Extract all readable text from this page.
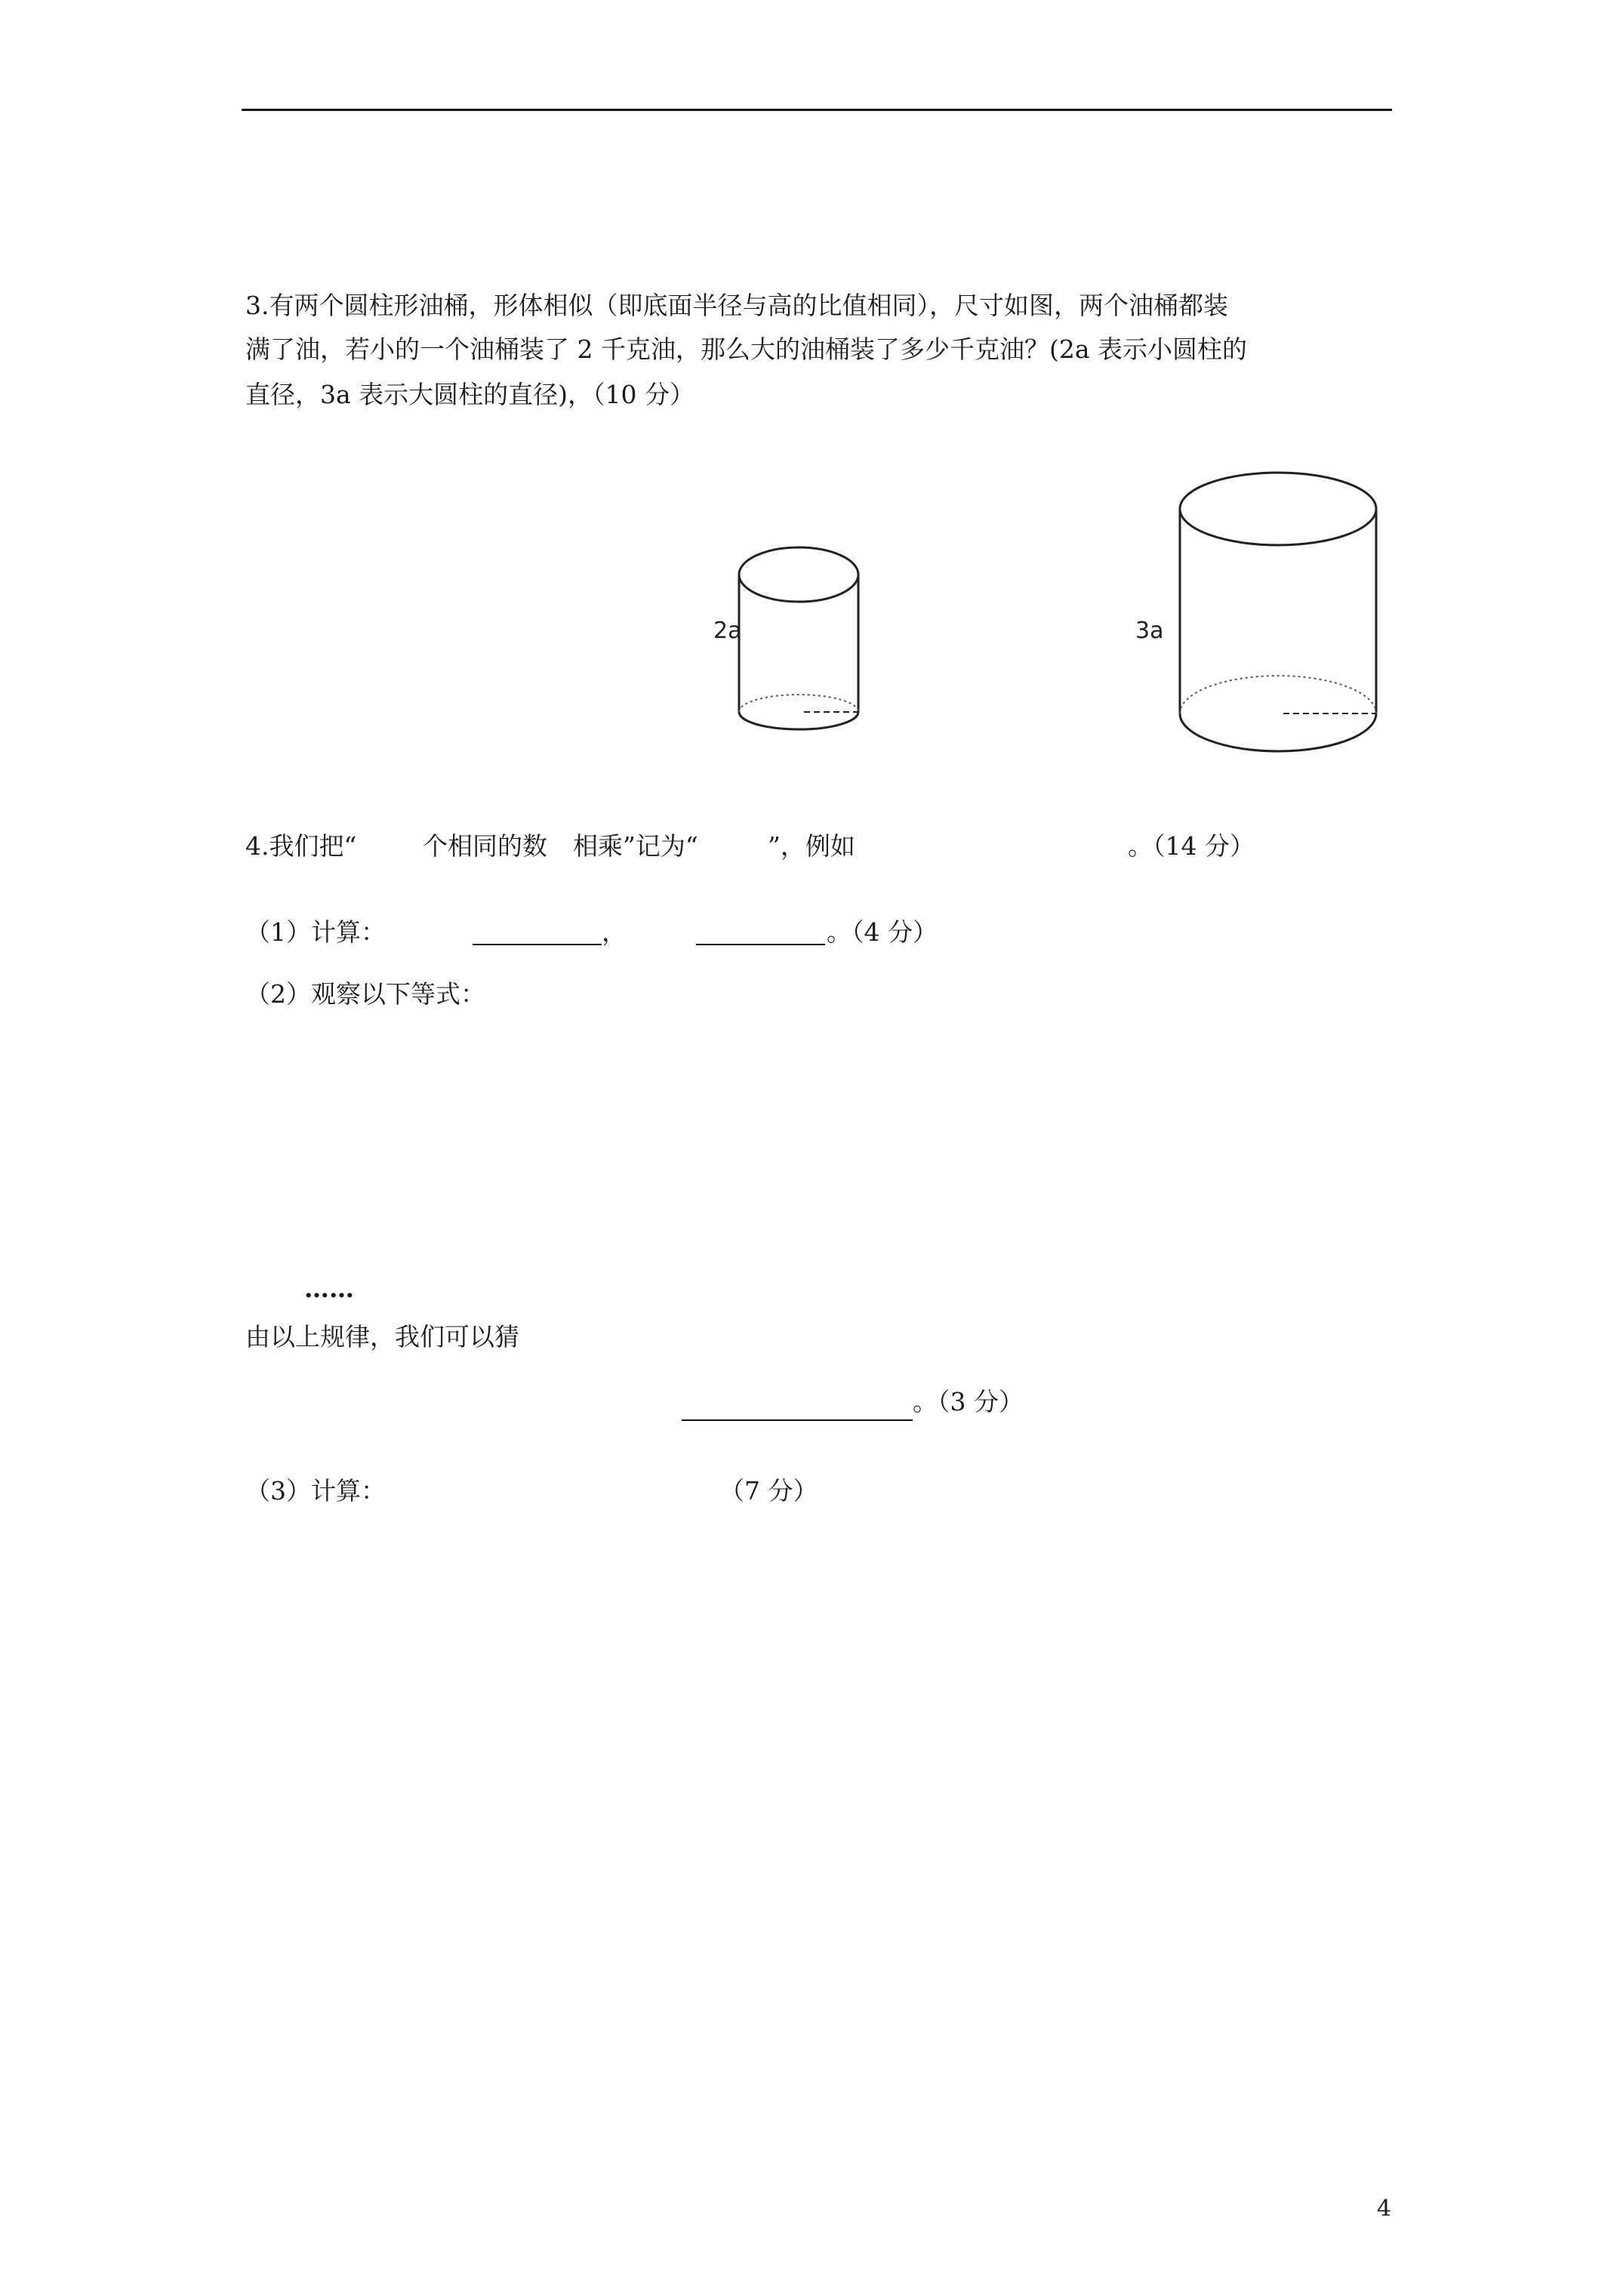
3.有两个圆柱形油桶，形体相似（即底面半径与高的比值相同），尺寸如图，两个油桶都装
满了油，若小的一个油桶装了 2 千克油，那么大的油桶装了多少千克油？(2a 表示小圆柱的
直径，3a 表示大圆柱的直径)，（10 分）
2a	3a
4.我们把“	个相同的数 相乘”记为“	”，例如	。（14 分）
（1）计算：	，	。（4 分）
（2）观察以下等式：
……
由以上规律，我们可以猜
。（3 分）
（3）计算：	（7 分）
4
